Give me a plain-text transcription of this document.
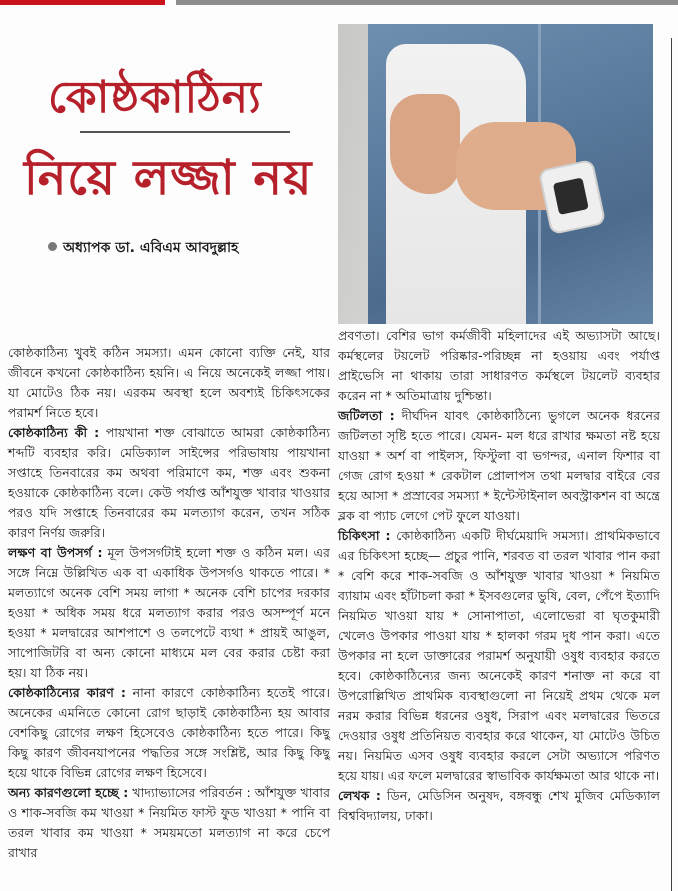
কোষ্ঠকাঠিন্য
নিয়ে লজ্জা নয়
অধ্যাপক ডা. এবিএম আবদুল্লাহ

কোষ্ঠকাঠিন্য খুবই কঠিন সমস্যা। এমন কোনো ব্যক্তি নেই, যার জীবনে কখনো কোষ্ঠকাঠিন্য হয়নি। এ নিয়ে অনেকেই লজ্জা পায়। যা মোটেও ঠিক নয়। এরকম অবস্থা হলে অবশ্যই চিকিৎসকের পরামর্শ নিতে হবে।

কোষ্ঠকাঠিন্য কী : পায়খানা শক্ত বোঝাতে আমরা কোষ্ঠকাঠিন্য শব্দটি ব্যবহার করি। মেডিক্যাল সাইন্সের পরিভাষায় পায়খানা সপ্তাহে তিনবারের কম অথবা পরিমাণে কম, শক্ত এবং শুকনা হওয়াকে কোষ্ঠকাঠিন্য বলে। কেউ পর্যাপ্ত আঁশযুক্ত খাবার খাওয়ার পরও যদি সপ্তাহে তিনবারের কম মলত্যাগ করেন, তখন সঠিক কারণ নির্ণয় জরুরি।

লক্ষণ বা উপসর্গ : মূল উপসর্গটাই হলো শক্ত ও কঠিন মল। এর সঙ্গে নিম্নে উল্লিখিত এক বা একাধিক উপসর্গও থাকতে পারে। * মলত্যাগে অনেক বেশি সময় লাগা * অনেক বেশি চাপের দরকার হওয়া * অধিক সময় ধরে মলত্যাগ করার পরও অসম্পূর্ণ মনে হওয়া * মলদ্বারের আশপাশে ও তলপেটে ব্যথা * প্রায়ই আঙুল, সাপোজিটরি বা অন্য কোনো মাধ্যমে মল বের করার চেষ্টা করা হয়। যা ঠিক নয়।

কোষ্ঠকাঠিন্যের কারণ : নানা কারণে কোষ্ঠকাঠিন্য হতেই পারে। অনেকের এমনিতে কোনো রোগ ছাড়াই কোষ্ঠকাঠিন্য হয় আবার বেশকিছু রোগের লক্ষণ হিসেবেও কোষ্ঠকাঠিন্য হতে পারে। কিছু কিছু কারণ জীবনযাপনের পদ্ধতির সঙ্গে সংশ্লিষ্ট, আর কিছু কিছু হয়ে থাকে বিভিন্ন রোগের লক্ষণ হিসেবে।

অন্য কারণগুলো হচ্ছে : খাদ্যাভ্যাসের পরিবর্তন : আঁশযুক্ত খাবার ও শাক-সবজি কম খাওয়া * নিয়মিত ফাস্ট ফুড খাওয়া * পানি বা তরল খাবার কম খাওয়া * সময়মতো মলত্যাগ না করে চেপে রাখার

প্রবণতা। বেশির ভাগ কর্মজীবী মহিলাদের এই অভ্যাসটা আছে। কর্মস্থলের টয়লেট পরিষ্কার-পরিচ্ছন্ন না হওয়ায় এবং পর্যাপ্ত প্রাইভেসি না থাকায় তারা সাধারণত কর্মস্থলে টয়লেট ব্যবহার করেন না * অতিমাত্রায় দুশ্চিন্তা।

জটিলতা : দীর্ঘদিন যাবৎ কোষ্ঠকাঠিন্যে ভুগলে অনেক ধরনের জটিলতা সৃষ্টি হতে পারে। যেমন- মল ধরে রাখার ক্ষমতা নষ্ট হয়ে যাওয়া * অর্শ বা পাইলস, ফিস্টুলা বা ভগন্দর, এনাল ফিশার বা গেজ রোগ হওয়া * রেকটাল প্রোলাপস তথা মলদ্বার বাইরে বের হয়ে আসা * প্রস্রাবের সমস্যা * ইন্টেস্টাইনাল অবস্ট্রাকশন বা অন্ত্রে ব্লক বা প্যাচ লেগে পেট ফুলে যাওয়া।

চিকিৎসা : কোষ্ঠকাঠিন্য একটি দীর্ঘমেয়াদি সমস্যা। প্রাথমিকভাবে এর চিকিৎসা হচ্ছে— প্রচুর পানি, শরবত বা তরল খাবার পান করা * বেশি করে শাক-সবজি ও আঁশযুক্ত খাবার খাওয়া * নিয়মিত ব্যায়াম এবং হাঁটাচলা করা * ইসবগুলের ভুষি, বেল, পেঁপে ইত্যাদি নিয়মিত খাওয়া যায় * সোনাপাতা, এলোভেরা বা ঘৃতকুমারী খেলেও উপকার পাওয়া যায় * হালকা গরম দুধ পান করা। এতে উপকার না হলে ডাক্তারের পরামর্শ অনুযায়ী ওষুধ ব্যবহার করতে হবে। কোষ্ঠকাঠিন্যের জন্য অনেকেই কারণ শনাক্ত না করে বা উপরোল্লিখিত প্রাথমিক ব্যবস্থাগুলো না নিয়েই প্রথম থেকে মল নরম করার বিভিন্ন ধরনের ওষুধ, সিরাপ এবং মলদ্বারের ভিতরে দেওয়ার ওষুধ প্রতিনিয়ত ব্যবহার করে থাকেন, যা মোটেও উচিত নয়। নিয়মিত এসব ওষুধ ব্যবহার করলে সেটা অভ্যাসে পরিণত হয়ে যায়। এর ফলে মলদ্বারের স্বাভাবিক কার্যক্ষমতা আর থাকে না।

লেখক : ডিন, মেডিসিন অনুষদ, বঙ্গবন্ধু শেখ মুজিব মেডিক্যাল বিশ্ববিদ্যালয়, ঢাকা।
